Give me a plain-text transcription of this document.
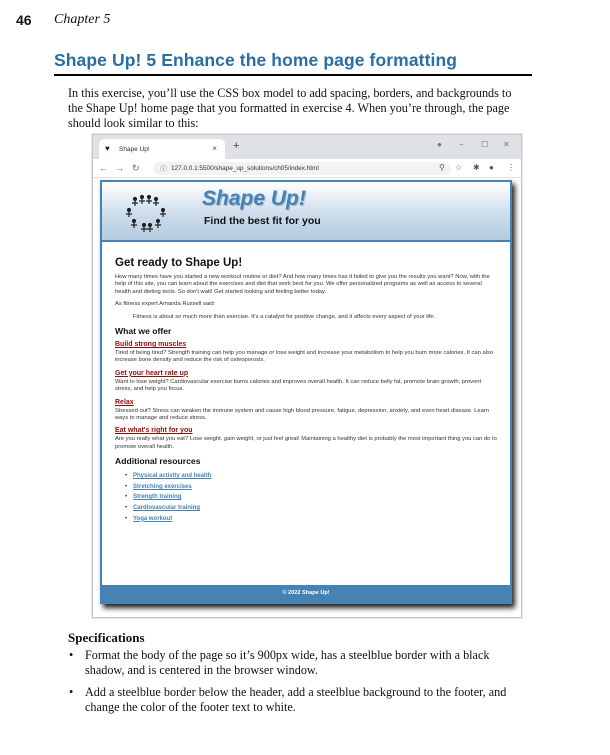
46 Chapter 5
Shape Up! 5 Enhance the home page formatting
In this exercise, you’ll use the CSS box model to add spacing, borders, and backgrounds to the Shape Up! home page that you formatted in exercise 4. When you’re through, the page should look similar to this:
♥ Shape Up!	× +	● − ☐ ✕
← → ↻	ⓘ 127.0.0.1:5500/shape_up_solutions/ch05/index.html	⚲ ☆ ✱ ● ⋮
Shape Up!
Find the best fit for you
Get ready to Shape Up!
How many times have you started a new workout routine or diet? And how many times has it failed to give you the results you want? Now, with the help of this site, you can learn about the exercises and diet that work best for you. We offer personalized programs as well as access to several health and dieting tools. So don't wait! Get started looking and feeling better today.
As fitness expert Amanda Russell said:
Fitness is about so much more than exercise. It's a catalyst for positive change, and it affects every aspect of your life.
What we offer
Build strong muscles
Tired of being tired? Strength training can help you manage or lose weight and increase your metabolism to help you burn more calories. It can also increase bone density and reduce the risk of osteoporosis.
Get your heart rate up
Want to lose weight? Cardiovascular exercise burns calories and improves overall health. It can reduce belly fat, promote brain growth, prevent stress, and help you focus.
Relax
Stressed out? Stress can weaken the immune system and cause high blood pressure, fatigue, depression, anxiety, and even heart disease. Learn ways to manage and reduce stress.
Eat what's right for you
Are you really what you eat? Lose weight, gain weight, or just feel great! Maintaining a healthy diet is probably the most important thing you can do to promote overall health.
Additional resources
• Physical activity and health
• Stretching exercises
• Strength training
• Cardiovascular training
• Yoga workout
© 2022 Shape Up!
Specifications
• Format the body of the page so it’s 900px wide, has a steelblue border with a black shadow, and is centered in the browser window.
• Add a steelblue border below the header, add a steelblue background to the footer, and change the color of the footer text to white.
